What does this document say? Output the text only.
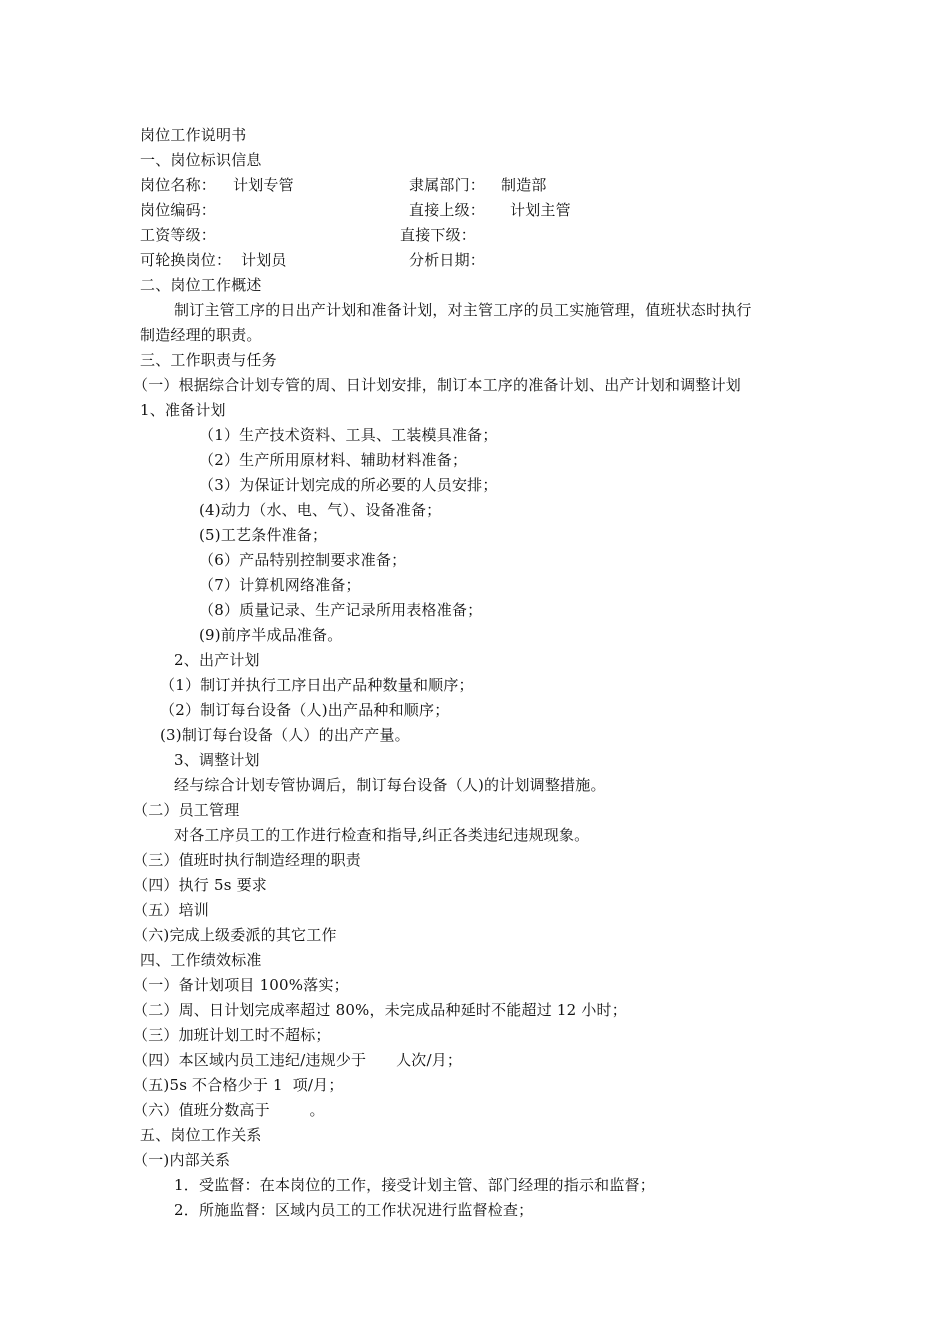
岗位工作说明书
一、岗位标识信息
岗位名称： 计划专管	隶属部门： 制造部
岗位编码：	直接上级： 计划主管
工资等级：	直接下级：
可轮换岗位： 计划员	分析日期：
二、岗位工作概述
制订主管工序的日出产计划和准备计划，对主管工序的员工实施管理，值班状态时执行
制造经理的职责。
三、工作职责与任务
（一）根据综合计划专管的周、日计划安排，制订本工序的准备计划、出产计划和调整计划
1、准备计划
（1）生产技术资料、工具、工装模具准备；
（2）生产所用原材料、辅助材料准备；
（3）为保证计划完成的所必要的人员安排；
(4)动力（水、电、气）、设备准备；
(5)工艺条件准备；
（6）产品特别控制要求准备；
（7）计算机网络准备；
（8）质量记录、生产记录所用表格准备；
(9)前序半成品准备。
2、出产计划
（1）制订并执行工序日出产品种数量和顺序；
（2）制订每台设备（人)出产品种和顺序；
(3)制订每台设备（人）的出产产量。
3、调整计划
经与综合计划专管协调后，制订每台设备（人)的计划调整措施。
（二）员工管理
对各工序员工的工作进行检查和指导,纠正各类违纪违规现象。
（三）值班时执行制造经理的职责
（四）执行 5s 要求
（五）培训
（六)完成上级委派的其它工作
四、工作绩效标准
（一）备计划项目 100%落实；
（二）周、日计划完成率超过 80%，未完成品种延时不能超过 12 小时；
（三）加班计划工时不超标；
（四）本区域内员工违纪/违规少于      人次/月；
（五)5s 不合格少于 1  项/月；
（六）值班分数高于        。
五、岗位工作关系
（一)内部关系
1．受监督：在本岗位的工作，接受计划主管、部门经理的指示和监督；
2．所施监督：区域内员工的工作状况进行监督检查；
